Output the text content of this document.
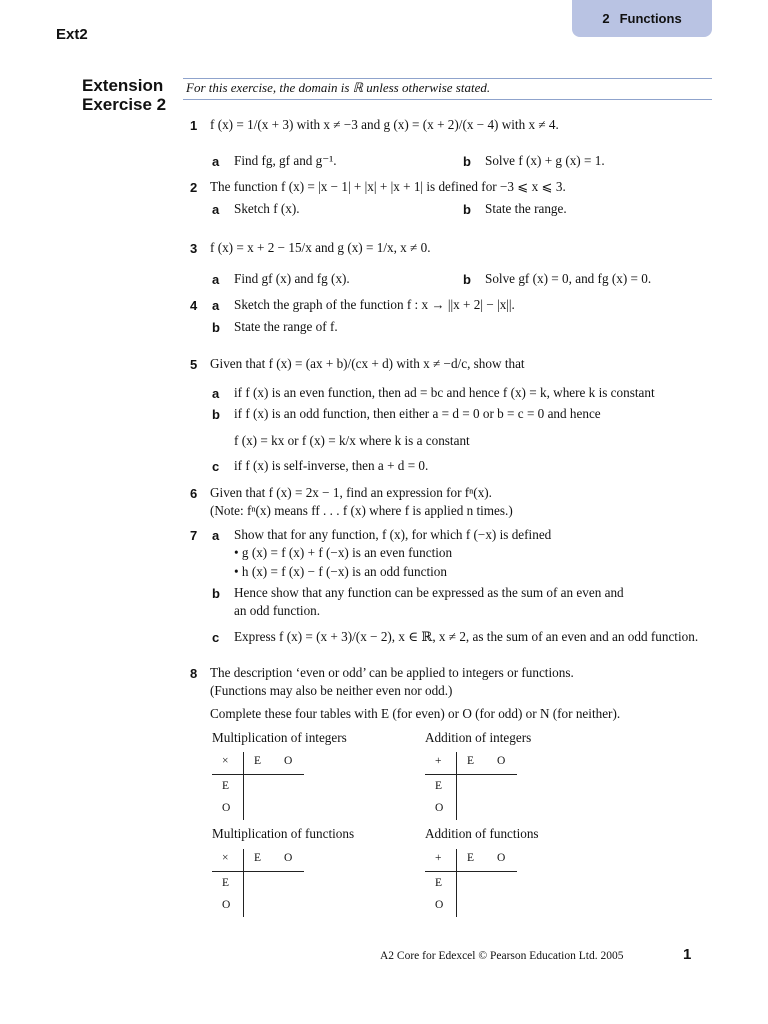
Ext2
2 Functions
Extension
Exercise 2
For this exercise, the domain is ℝ unless otherwise stated.
1 f (x) = 1/(x + 3) with x ≠ −3 and g (x) = (x + 2)/(x − 4) with x ≠ 4.
a Find fg, gf and g⁻¹.	b Solve f (x) + g (x) = 1.
2 The function f (x) = |x − 1| + |x| + |x + 1| is defined for −3 ⩽ x ⩽ 3.
a Sketch f (x).	b State the range.
3 f (x) = x + 2 − 15/x and g (x) = 1/x, x ≠ 0.
a Find gf (x) and fg (x).	b Solve gf (x) = 0, and fg (x) = 0.
4 a Sketch the graph of the function f : x → ||x + 2| − |x||.
b State the range of f.
5 Given that f (x) = (ax + b)/(cx + d) with x ≠ −d/c, show that
a if f (x) is an even function, then ad = bc and hence f (x) = k, where k is constant
b if f (x) is an odd function, then either a = d = 0 or b = c = 0 and hence
f (x) = kx or f (x) = k/x where k is a constant
c if f (x) is self-inverse, then a + d = 0.
6 Given that f (x) = 2x − 1, find an expression for fⁿ(x).
(Note: fⁿ(x) means ff . . . f (x) where f is applied n times.)
7 a Show that for any function, f (x), for which f (−x) is defined
• g (x) = f (x) + f (−x) is an even function
• h (x) = f (x) − f (−x) is an odd function
b Hence show that any function can be expressed as the sum of an even and
an odd function.
c Express f (x) = (x + 3)/(x − 2), x ∈ ℝ, x ≠ 2, as the sum of an even and an odd function.
8 The description ‘even or odd’ can be applied to integers or functions.
(Functions may also be neither even nor odd.)
Complete these four tables with E (for even) or O (for odd) or N (for neither).
Multiplication of integers
× E O
E
O
Addition of integers
+ E O
E
O
Multiplication of functions
× E O
E
O
Addition of functions
+ E O
E
O
A2 Core for Edexcel © Pearson Education Ltd. 2005	1
